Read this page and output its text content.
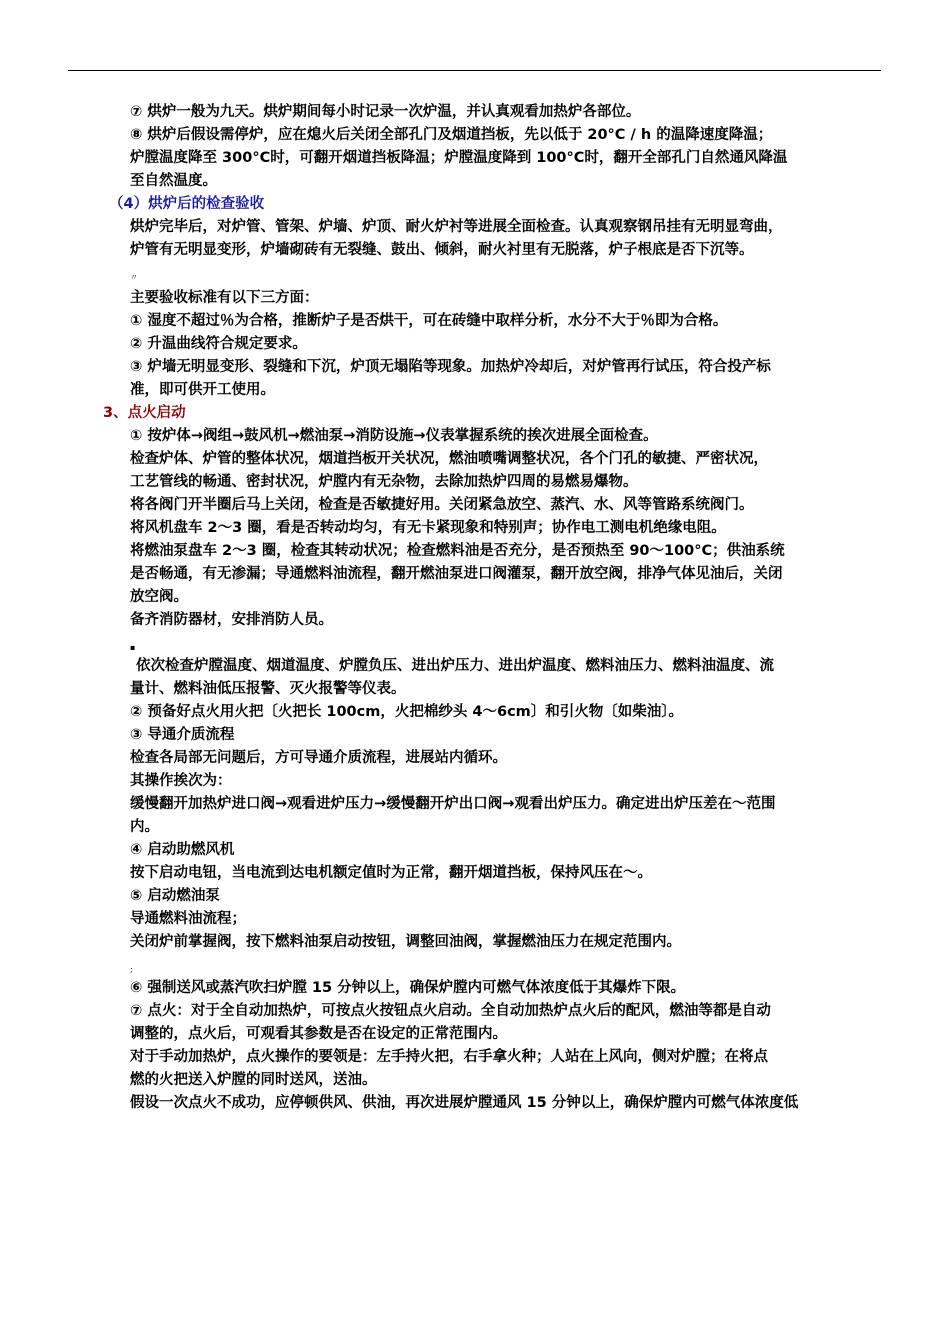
⑦ 烘炉一般为九天。烘炉期间每小时记录一次炉温，并认真观看加热炉各部位。
⑧ 烘炉后假设需停炉，应在熄火后关闭全部孔门及烟道挡板，先以低于 20°C / h 的温降速度降温；
炉膛温度降至 300°C时，可翻开烟道挡板降温；炉膛温度降到 100°C时，翻开全部孔门自然通风降温
至自然温度。
（4）烘炉后的检查验收
烘炉完毕后，对炉管、管架、炉墙、炉顶、耐火炉衬等进展全面检查。认真观察钢吊挂有无明显弯曲，
炉管有无明显变形，炉墙砌砖有无裂缝、鼓出、倾斜，耐火衬里有无脱落，炉子根底是否下沉等。
〃
主要验收标准有以下三方面：
① 湿度不超过％为合格，推断炉子是否烘干，可在砖缝中取样分析，水分不大于％即为合格。
② 升温曲线符合规定要求。
③ 炉墙无明显变形、裂缝和下沉，炉顶无塌陷等现象。加热炉冷却后，对炉管再行试压，符合投产标
准，即可供开工使用。
3、点火启动
① 按炉体→阀组→鼓风机→燃油泵→消防设施→仪表掌握系统的挨次进展全面检查。
检查炉体、炉管的整体状况，烟道挡板开关状况，燃油喷嘴调整状况，各个门孔的敏捷、严密状况，
工艺管线的畅通、密封状况，炉膛内有无杂物，去除加热炉四周的易燃易爆物。
将各阀门开半圈后马上关闭，检查是否敏捷好用。关闭紧急放空、蒸汽、水、风等管路系统阀门。
将风机盘车 2～3 圈，看是否转动均匀，有无卡紧现象和特别声；协作电工测电机绝缘电阻。
将燃油泵盘车 2～3 圈，检查其转动状况；检查燃料油是否充分，是否预热至 90～100°C；供油系统
是否畅通，有无渗漏；导通燃料油流程，翻开燃油泵进口阀灌泵，翻开放空阀，排净气体见油后，关闭
放空阀。
备齐消防器材，安排消防人员。
▪
依次检查炉膛温度、烟道温度、炉膛负压、进出炉压力、进出炉温度、燃料油压力、燃料油温度、流
量计、燃料油低压报警、灭火报警等仪表。
② 预备好点火用火把〔火把长 100cm，火把棉纱头 4～6cm〕和引火物〔如柴油〕。
③ 导通介质流程
检查各局部无问题后，方可导通介质流程，进展站内循环。
其操作挨次为：
缓慢翻开加热炉进口阀→观看进炉压力→缓慢翻开炉出口阀→观看出炉压力。确定进出炉压差在～范围
内。
④ 启动助燃风机
按下启动电钮，当电流到达电机额定值时为正常，翻开烟道挡板，保持风压在～。
⑤ 启动燃油泵
导通燃料油流程；
关闭炉前掌握阀，按下燃料油泵启动按钮，调整回油阀，掌握燃油压力在规定范围内。
;
⑥ 强制送风或蒸汽吹扫炉膛 15 分钟以上，确保炉膛内可燃气体浓度低于其爆炸下限。
⑦ 点火：对于全自动加热炉，可按点火按钮点火启动。全自动加热炉点火后的配风，燃油等都是自动
调整的，点火后，可观看其参数是否在设定的正常范围内。
对于手动加热炉，点火操作的要领是：左手持火把，右手拿火种；人站在上风向，侧对炉膛；在将点
燃的火把送入炉膛的同时送风，送油。
假设一次点火不成功，应停顿供风、供油，再次进展炉膛通风 15 分钟以上，确保炉膛内可燃气体浓度低
